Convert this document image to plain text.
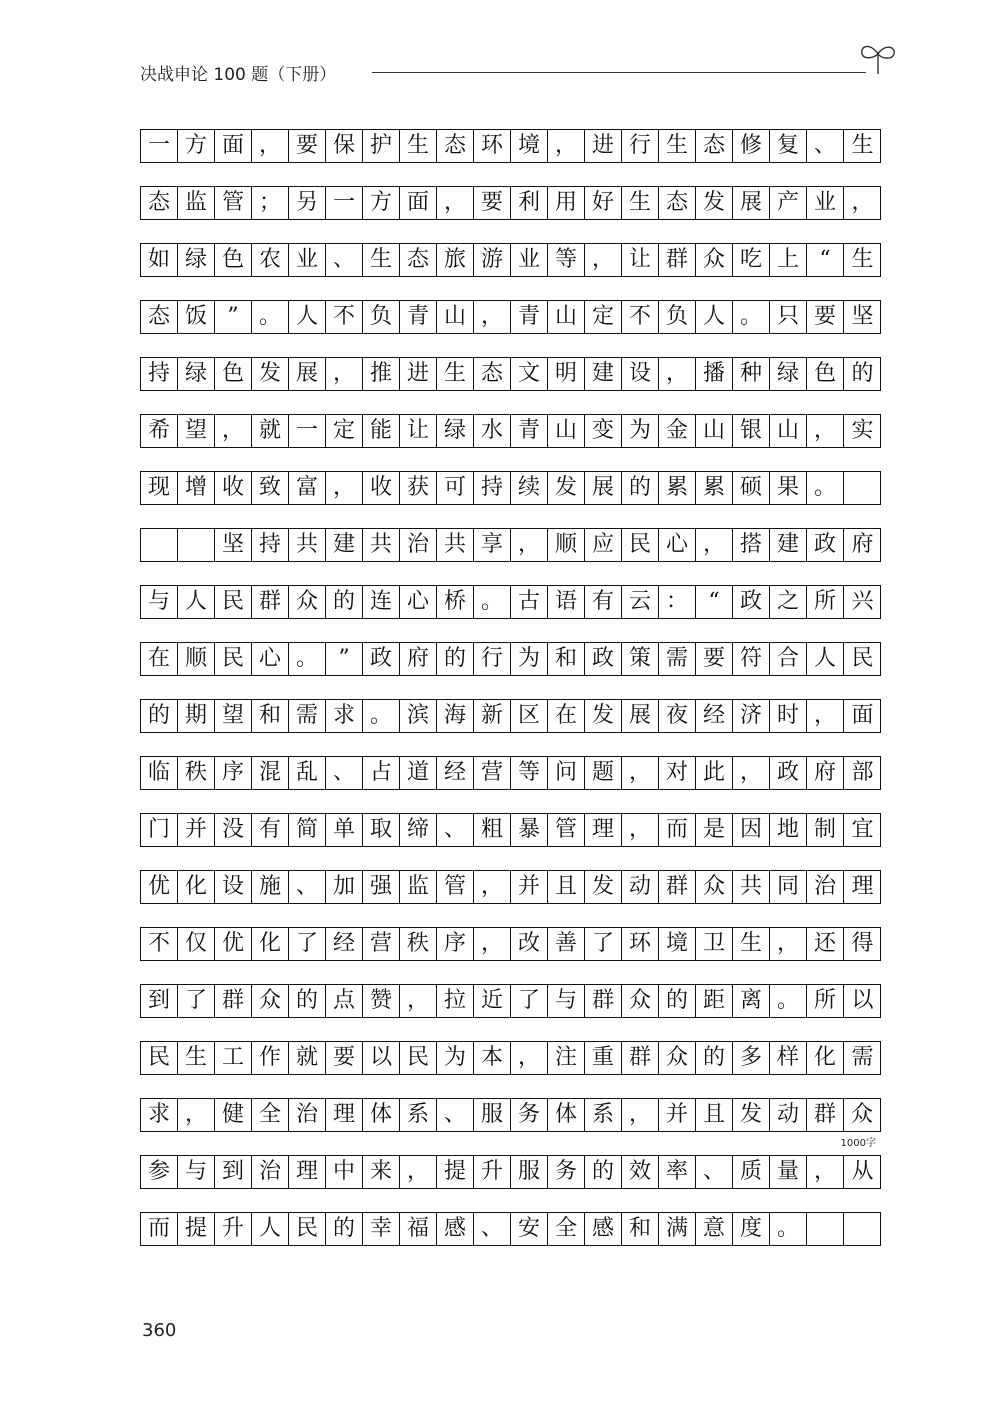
决战申论 100 题（下册）
一 方 面 ， 要 保 护 生 态 环 境 ， 进 行 生 态 修 复 、 生
态 监 管 ； 另 一 方 面 ， 要 利 用 好 生 态 发 展 产 业 ，
如 绿 色 农 业 、 生 态 旅 游 业 等 ， 让 群 众 吃 上 “ 生
态 饭 ” 。 人 不 负 青 山 ， 青 山 定 不 负 人 。 只 要 坚
持 绿 色 发 展 ， 推 进 生 态 文 明 建 设 ， 播 种 绿 色 的
希 望 ， 就 一 定 能 让 绿 水 青 山 变 为 金 山 银 山 ， 实
现 增 收 致 富 ， 收 获 可 持 续 发 展 的 累 累 硕 果 。
坚 持 共 建 共 治 共 享 ， 顺 应 民 心 ， 搭 建 政 府
与 人 民 群 众 的 连 心 桥 。 古 语 有 云 ： “ 政 之 所 兴
在 顺 民 心 。 ” 政 府 的 行 为 和 政 策 需 要 符 合 人 民
的 期 望 和 需 求 。 滨 海 新 区 在 发 展 夜 经 济 时 ， 面
临 秩 序 混 乱 、 占 道 经 营 等 问 题 ， 对 此 ， 政 府 部
门 并 没 有 简 单 取 缔 、 粗 暴 管 理 ， 而 是 因 地 制 宜
优 化 设 施 、 加 强 监 管 ， 并 且 发 动 群 众 共 同 治 理
不 仅 优 化 了 经 营 秩 序 ， 改 善 了 环 境 卫 生 ， 还 得
到 了 群 众 的 点 赞 ， 拉 近 了 与 群 众 的 距 离 。 所 以
民 生 工 作 就 要 以 民 为 本 ， 注 重 群 众 的 多 样 化 需
求 ， 健 全 治 理 体 系 、 服 务 体 系 ， 并 且 发 动 群 众
1000字
参 与 到 治 理 中 来 ， 提 升 服 务 的 效 率 、 质 量 ， 从
而 提 升 人 民 的 幸 福 感 、 安 全 感 和 满 意 度 。
360
